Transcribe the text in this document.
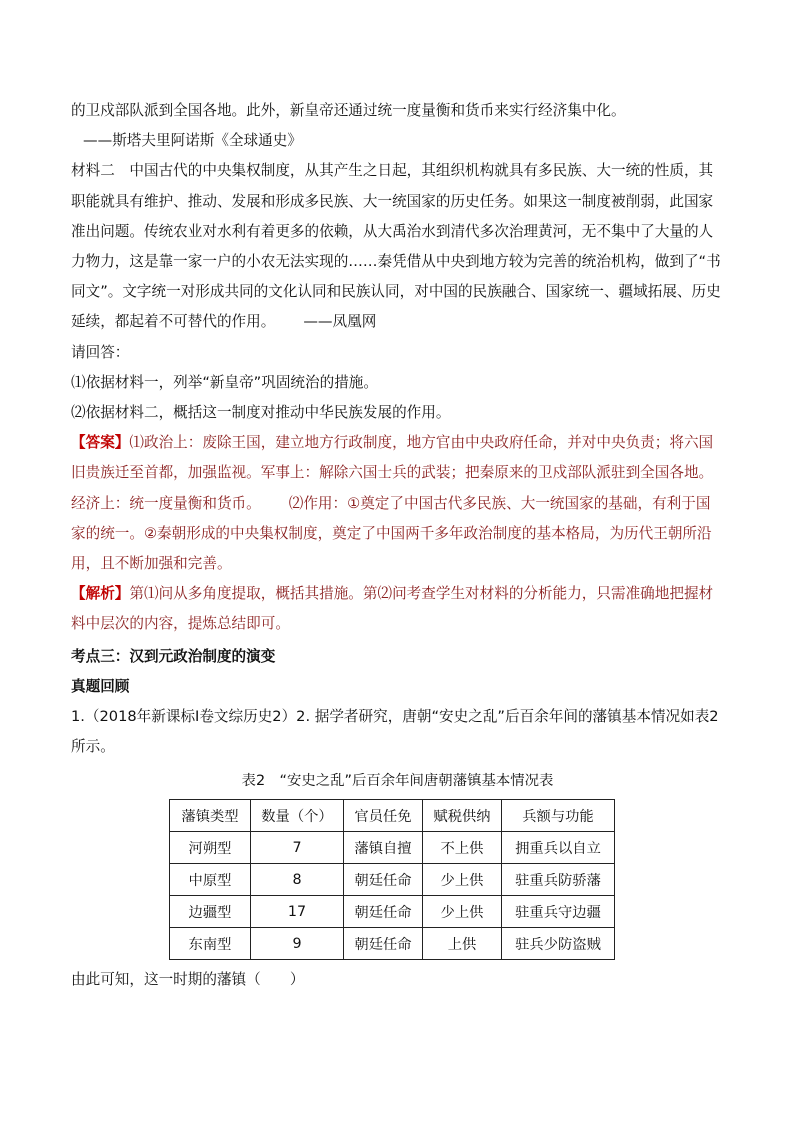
的卫戍部队派到全国各地。此外，新皇帝还通过统一度量衡和货币来实行经济集中化。

——斯塔夫里阿诺斯《全球通史》

材料二　中国古代的中央集权制度，从其产生之日起，其组织机构就具有多民族、大一统的性质，其职能就具有维护、推动、发展和形成多民族、大一统国家的历史任务。如果这一制度被削弱，此国家准出问题。传统农业对水利有着更多的依赖，从大禹治水到清代多次治理黄河，无不集中了大量的人力物力，这是靠一家一户的小农无法实现的……秦凭借从中央到地方较为完善的统治机构，做到了“书同文”。文字统一对形成共同的文化认同和民族认同，对中国的民族融合、国家统一、疆域拓展、历史延续，都起着不可替代的作用。 ——凤凰网

请回答：

⑴依据材料一，列举“新皇帝”巩固统治的措施。

⑵依据材料二，概括这一制度对推动中华民族发展的作用。

【答案】⑴政治上：废除王国，建立地方行政制度，地方官由中央政府任命，并对中央负责；将六国旧贵族迁至首都，加强监视。军事上：解除六国士兵的武装；把秦原来的卫戍部队派驻到全国各地。经济上：统一度量衡和货币。 ⑵作用：①奠定了中国古代多民族、大一统国家的基础，有利于国家的统一。②秦朝形成的中央集权制度，奠定了中国两千多年政治制度的基本格局，为历代王朝所沿用，且不断加强和完善。

【解析】第⑴问从多角度提取，概括其措施。第⑵问考查学生对材料的分析能力，只需准确地把握材料中层次的内容，提炼总结即可。

考点三：汉到元政治制度的演变

真题回顾

1.（2018年新课标Ⅰ卷文综历史2）2. 据学者研究，唐朝“安史之乱”后百余年间的藩镇基本情况如表2所示。

表2　“安史之乱”后百余年间唐朝藩镇基本情况表
藩镇类型	数量（个）	官员任免	赋税供纳	兵额与功能
河朔型	7	藩镇自擅	不上供	拥重兵以自立
中原型	8	朝廷任命	少上供	驻重兵防骄藩
边疆型	17	朝廷任命	少上供	驻重兵守边疆
东南型	9	朝廷任命	上供	驻兵少防盗贼

由此可知，这一时期的藩镇（　　）
